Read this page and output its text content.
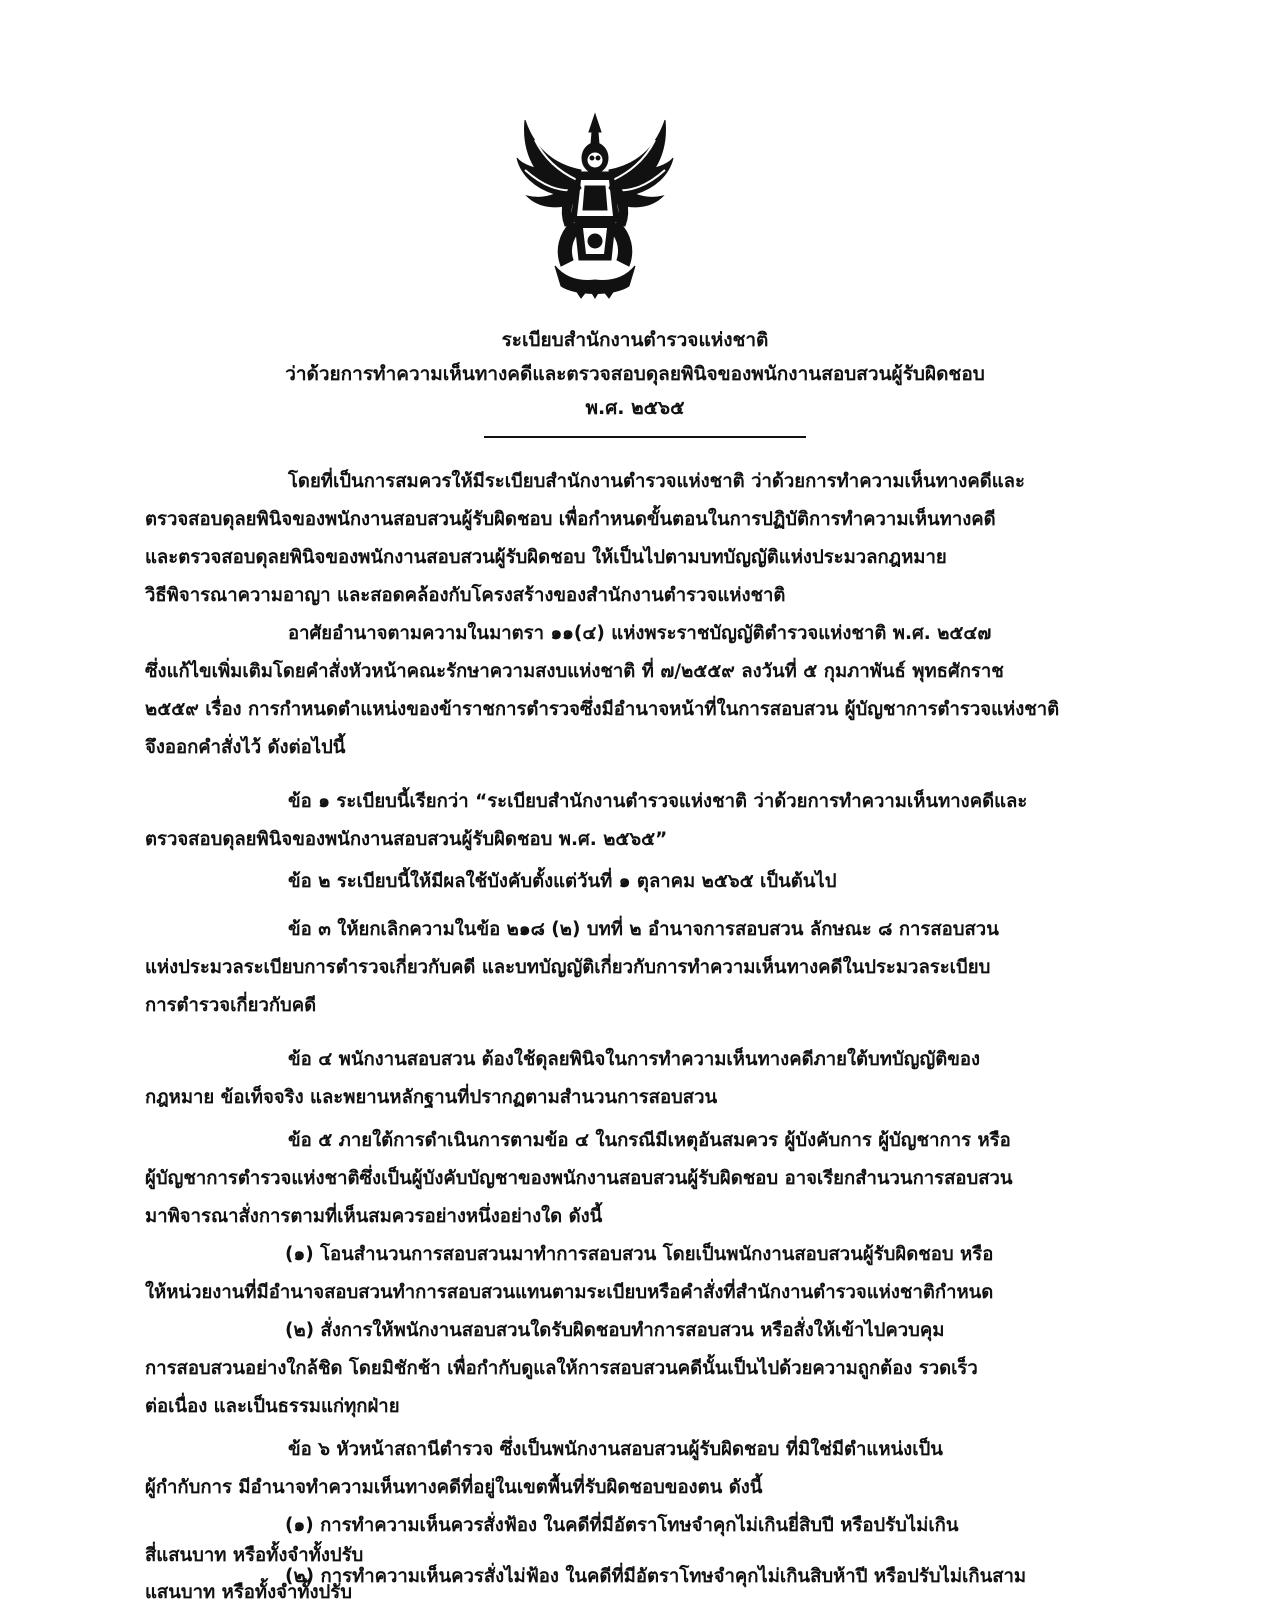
ระเบียบสำนักงานตำรวจแห่งชาติ
ว่าด้วยการทำความเห็นทางคดีและตรวจสอบดุลยพินิจของพนักงานสอบสวนผู้รับผิดชอบ
พ.ศ. ๒๕๖๕
โดยที่เป็นการสมควรให้มีระเบียบสำนักงานตำรวจแห่งชาติ ว่าด้วยการทำความเห็นทางคดีและ
ตรวจสอบดุลยพินิจของพนักงานสอบสวนผู้รับผิดชอบ เพื่อกำหนดขั้นตอนในการปฏิบัติการทำความเห็นทางคดี
และตรวจสอบดุลยพินิจของพนักงานสอบสวนผู้รับผิดชอบ ให้เป็นไปตามบทบัญญัติแห่งประมวลกฎหมาย
วิธีพิจารณาความอาญา และสอดคล้องกับโครงสร้างของสำนักงานตำรวจแห่งชาติ
อาศัยอำนาจตามความในมาตรา ๑๑(๔) แห่งพระราชบัญญัติตำรวจแห่งชาติ พ.ศ. ๒๕๔๗
ซึ่งแก้ไขเพิ่มเติมโดยคำสั่งหัวหน้าคณะรักษาความสงบแห่งชาติ ที่ ๗/๒๕๕๙ ลงวันที่ ๕ กุมภาพันธ์ พุทธศักราช
๒๕๕๙ เรื่อง การกำหนดตำแหน่งของข้าราชการตำรวจซึ่งมีอำนาจหน้าที่ในการสอบสวน ผู้บัญชาการตำรวจแห่งชาติ
จึงออกคำสั่งไว้ ดังต่อไปนี้
ข้อ ๑ ระเบียบนี้เรียกว่า “ระเบียบสำนักงานตำรวจแห่งชาติ ว่าด้วยการทำความเห็นทางคดีและ
ตรวจสอบดุลยพินิจของพนักงานสอบสวนผู้รับผิดชอบ พ.ศ. ๒๕๖๕”
ข้อ ๒ ระเบียบนี้ให้มีผลใช้บังคับตั้งแต่วันที่ ๑ ตุลาคม ๒๕๖๕ เป็นต้นไป
ข้อ ๓ ให้ยกเลิกความในข้อ ๒๑๘ (๒) บทที่ ๒ อำนาจการสอบสวน ลักษณะ ๘ การสอบสวน
แห่งประมวลระเบียบการตำรวจเกี่ยวกับคดี และบทบัญญัติเกี่ยวกับการทำความเห็นทางคดีในประมวลระเบียบ
การตำรวจเกี่ยวกับคดี
ข้อ ๔ พนักงานสอบสวน ต้องใช้ดุลยพินิจในการทำความเห็นทางคดีภายใต้บทบัญญัติของ
กฎหมาย ข้อเท็จจริง และพยานหลักฐานที่ปรากฏตามสำนวนการสอบสวน
ข้อ ๕ ภายใต้การดำเนินการตามข้อ ๔ ในกรณีมีเหตุอันสมควร ผู้บังคับการ ผู้บัญชาการ หรือ
ผู้บัญชาการตำรวจแห่งชาติซึ่งเป็นผู้บังคับบัญชาของพนักงานสอบสวนผู้รับผิดชอบ อาจเรียกสำนวนการสอบสวน
มาพิจารณาสั่งการตามที่เห็นสมควรอย่างหนึ่งอย่างใด ดังนี้
(๑) โอนสำนวนการสอบสวนมาทำการสอบสวน โดยเป็นพนักงานสอบสวนผู้รับผิดชอบ หรือ
ให้หน่วยงานที่มีอำนาจสอบสวนทำการสอบสวนแทนตามระเบียบหรือคำสั่งที่สำนักงานตำรวจแห่งชาติกำหนด
(๒) สั่งการให้พนักงานสอบสวนใดรับผิดชอบทำการสอบสวน หรือสั่งให้เข้าไปควบคุม
การสอบสวนอย่างใกล้ชิด โดยมิชักช้า เพื่อกำกับดูแลให้การสอบสวนคดีนั้นเป็นไปด้วยความถูกต้อง รวดเร็ว
ต่อเนื่อง และเป็นธรรมแก่ทุกฝ่าย
ข้อ ๖ หัวหน้าสถานีตำรวจ ซึ่งเป็นพนักงานสอบสวนผู้รับผิดชอบ ที่มิใช่มีตำแหน่งเป็น
ผู้กำกับการ มีอำนาจทำความเห็นทางคดีที่อยู่ในเขตพื้นที่รับผิดชอบของตน ดังนี้
(๑) การทำความเห็นควรสั่งฟ้อง ในคดีที่มีอัตราโทษจำคุกไม่เกินยี่สิบปี หรือปรับไม่เกิน
สี่แสนบาท หรือทั้งจำทั้งปรับ
(๒) การทำความเห็นควรสั่งไม่ฟ้อง ในคดีที่มีอัตราโทษจำคุกไม่เกินสิบห้าปี หรือปรับไม่เกินสาม
แสนบาท หรือทั้งจำทั้งปรับ
